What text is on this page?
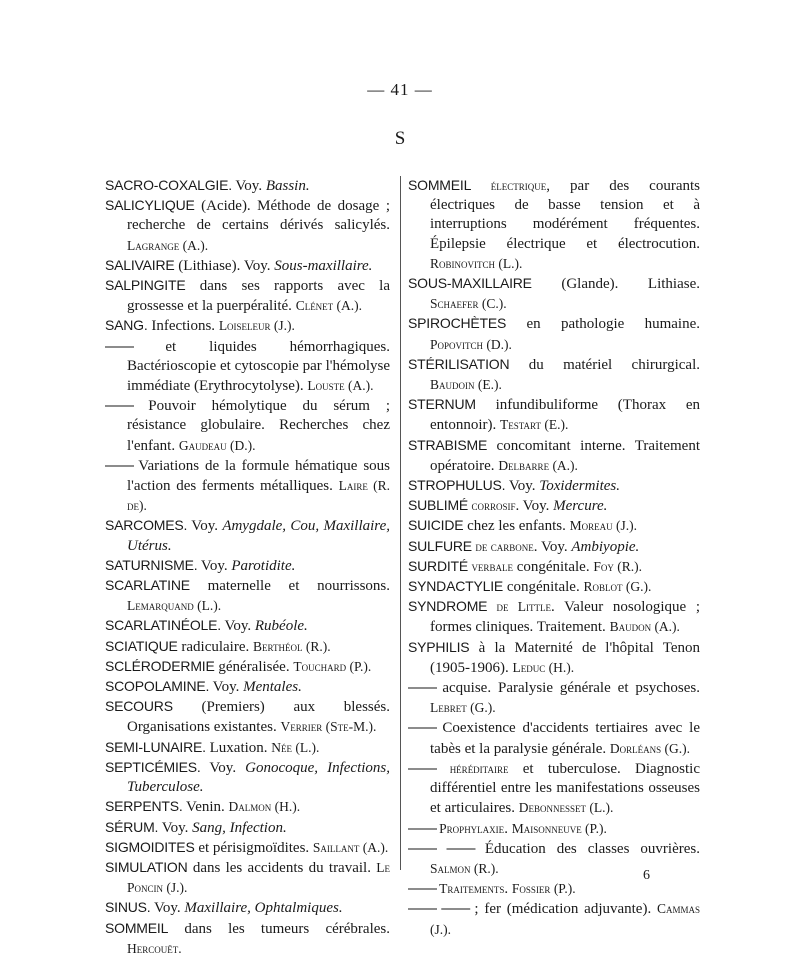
— 41 —
S

SACRO-COXALGIE. Voy. Bassin.

SALICYLIQUE (Acide). Méthode de dosage ; recherche de certains dérivés salicylés. Lagrange (A.).

SALIVAIRE (Lithiase). Voy. Sous-maxillaire.

SALPINGITE dans ses rapports avec la grossesse et la puerpéralité. Clénet (A.).

SANG. Infections. Loiseleur (J.).

—— et liquides hémorrhagiques. Bactérioscopie et cytoscopie par l'hémolyse immédiate (Erythrocytolyse). Louste (A.).

—— Pouvoir hémolytique du sérum ; résistance globulaire. Recherches chez l'enfant. Gaudeau (D.).

—— Variations de la formule hématique sous l'action des ferments métalliques. Laire (R. de).

SARCOMES. Voy. Amygdale, Cou, Maxillaire, Utérus.

SATURNISME. Voy. Parotidite.

SCARLATINE maternelle et nourrissons. Lemarquand (L.).

SCARLATINÉOLE. Voy. Rubéole.

SCIATIQUE radiculaire. Berthéol (R.).

SCLÉRODERMIE généralisée. Touchard (P.).

SCOPOLAMINE. Voy. Mentales.

SECOURS (Premiers) aux blessés. Organisations existantes. Verrier (Ste-M.).

SEMI-LUNAIRE. Luxation. Née (L.).

SEPTICÉMIES. Voy. Gonocoque, Infections, Tuberculose.

SERPENTS. Venin. Dalmon (H.).

SÉRUM. Voy. Sang, Infection.

SIGMOIDITES et périsigmoïdites. Saillant (A.).

SIMULATION dans les accidents du travail. Le Poncin (J.).

SINUS. Voy. Maxillaire, Ophtalmiques.

SOMMEIL dans les tumeurs cérébrales. Hercouët.

SOMMEIL électrique, par des courants électriques de basse tension et à interruptions modérément fréquentes. Épilepsie électrique et électrocution. Robinovitch (L.).

SOUS-MAXILLAIRE (Glande). Lithiase. Schaefer (C.).

SPIROCHÈTES en pathologie humaine. Popovitch (D.).

STÉRILISATION du matériel chirurgical. Baudoin (E.).

STERNUM infundibuliforme (Thorax en entonnoir). Testart (E.).

STRABISME concomitant interne. Traitement opératoire. Delbarre (A.).

STROPHULUS. Voy. Toxidermites.

SUBLIMÉ corrosif. Voy. Mercure.

SUICIDE chez les enfants. Moreau (J.).

SULFURE de carbone. Voy. Ambiyopie.

SURDITÉ verbale congénitale. Foy (R.).

SYNDACTYLIE congénitale. Roblot (G.).

SYNDROME de Little. Valeur nosologique ; formes cliniques. Traitement. Baudon (A.).

SYPHILIS à la Maternité de l'hôpital Tenon (1905-1906). Leduc (H.).

—— acquise. Paralysie générale et psychoses. Lebret (G.).

—— Coexistence d'accidents tertiaires avec le tabès et la paralysie générale. Dorléans (G.).

—— héréditaire et tuberculose. Diagnostic différentiel entre les manifestations osseuses et articulaires. Debonnesset (L.).

—— Prophylaxie. Maisonneuve (P.).

—— —— Éducation des classes ouvrières. Salmon (R.).

—— Traitements. Fossier (P.).

—— —— ; fer (médication adjuvante). Cammas (J.).

6
